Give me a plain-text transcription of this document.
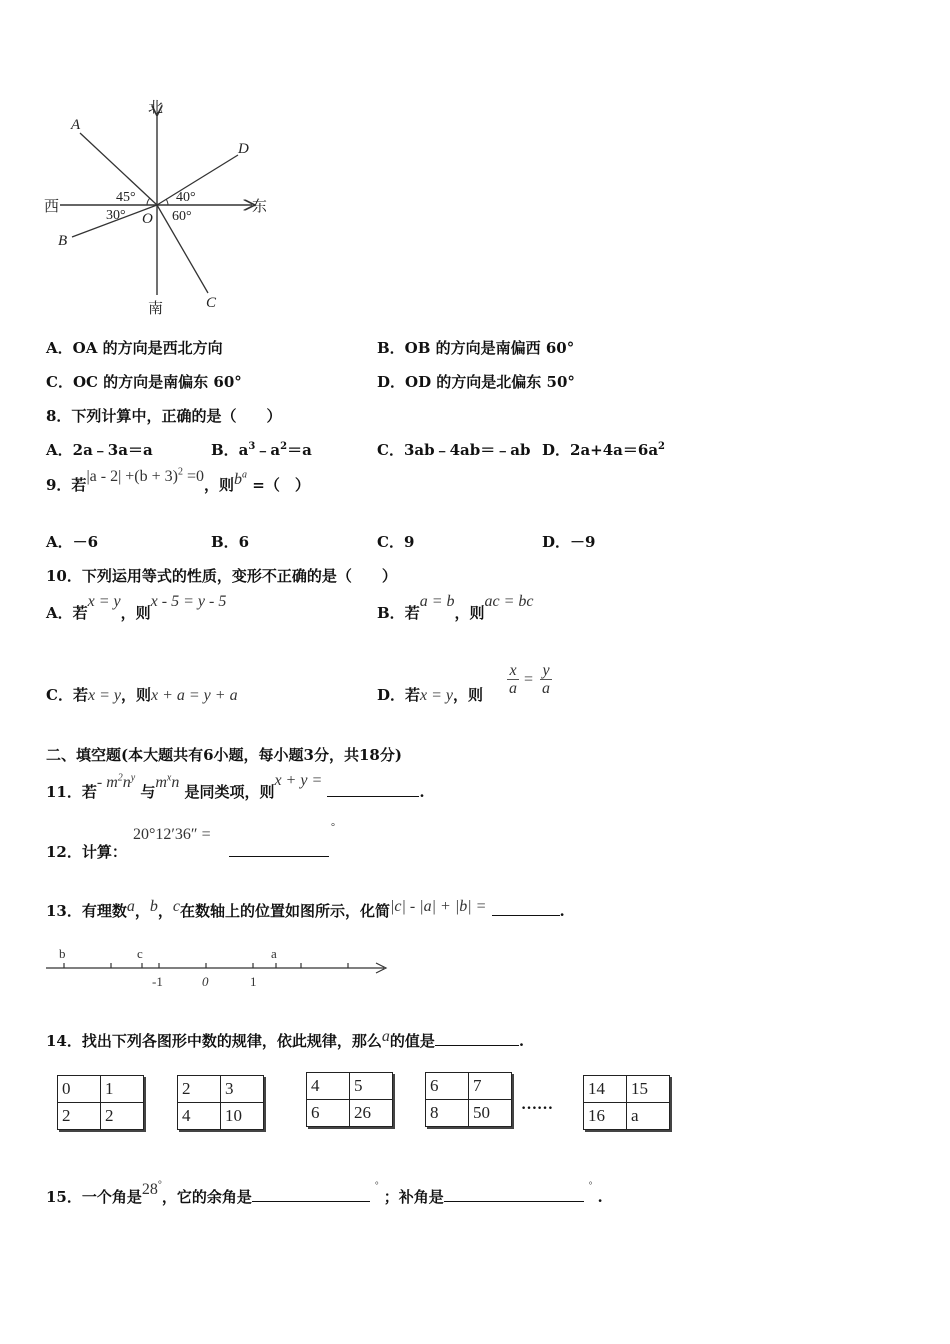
北
南
西	东
A
B
C
D
O
45°
30°
40°
60°
A．OA 的方向是西北方向	B．OB 的方向是南偏西 60°
C．OC 的方向是南偏东 60°	D．OD 的方向是北偏东 50°
8．下列计算中，正确的是（　　）
A．2a﹣3a＝a	B．$a^3﹣a^2=a$	C．3ab﹣4ab＝﹣ab D．$2a+4a=6a^2$
9．若$|a - 2| +(b + 3)^2 =0$，则$b^a$ =（　）
A．－6	B．6	C．9	D．－9
10．下列运用等式的性质，变形不正确的是（　　）
A．若x = y，则x - 5 = y - 5
B．若a = b，则ac = bc
C．若x = y，则x + a = y + a	D．若x = y，则
x
a
=
y
a
二、填空题(本大题共有6小题，每小题3分，共18分)
11．若- $m^2n^y$ 与$m^xn$ 是同类项，则x + y = .
12．计算：
20°12′36″ =	°
13．有理数a，b，c在数轴上的位置如图所示，化简|c| - |a| + |b| =	.
b	c	a
-1	0	1
14．找出下列各图形中数的规律，依此规律，那么a的值是	.
0	1
2	2
2	3
4	10
4	5
6	26
6	7
8	50 ……
14	15
16	a
15．一个角是28°，它的余角是 ° ；补角是 ° .
